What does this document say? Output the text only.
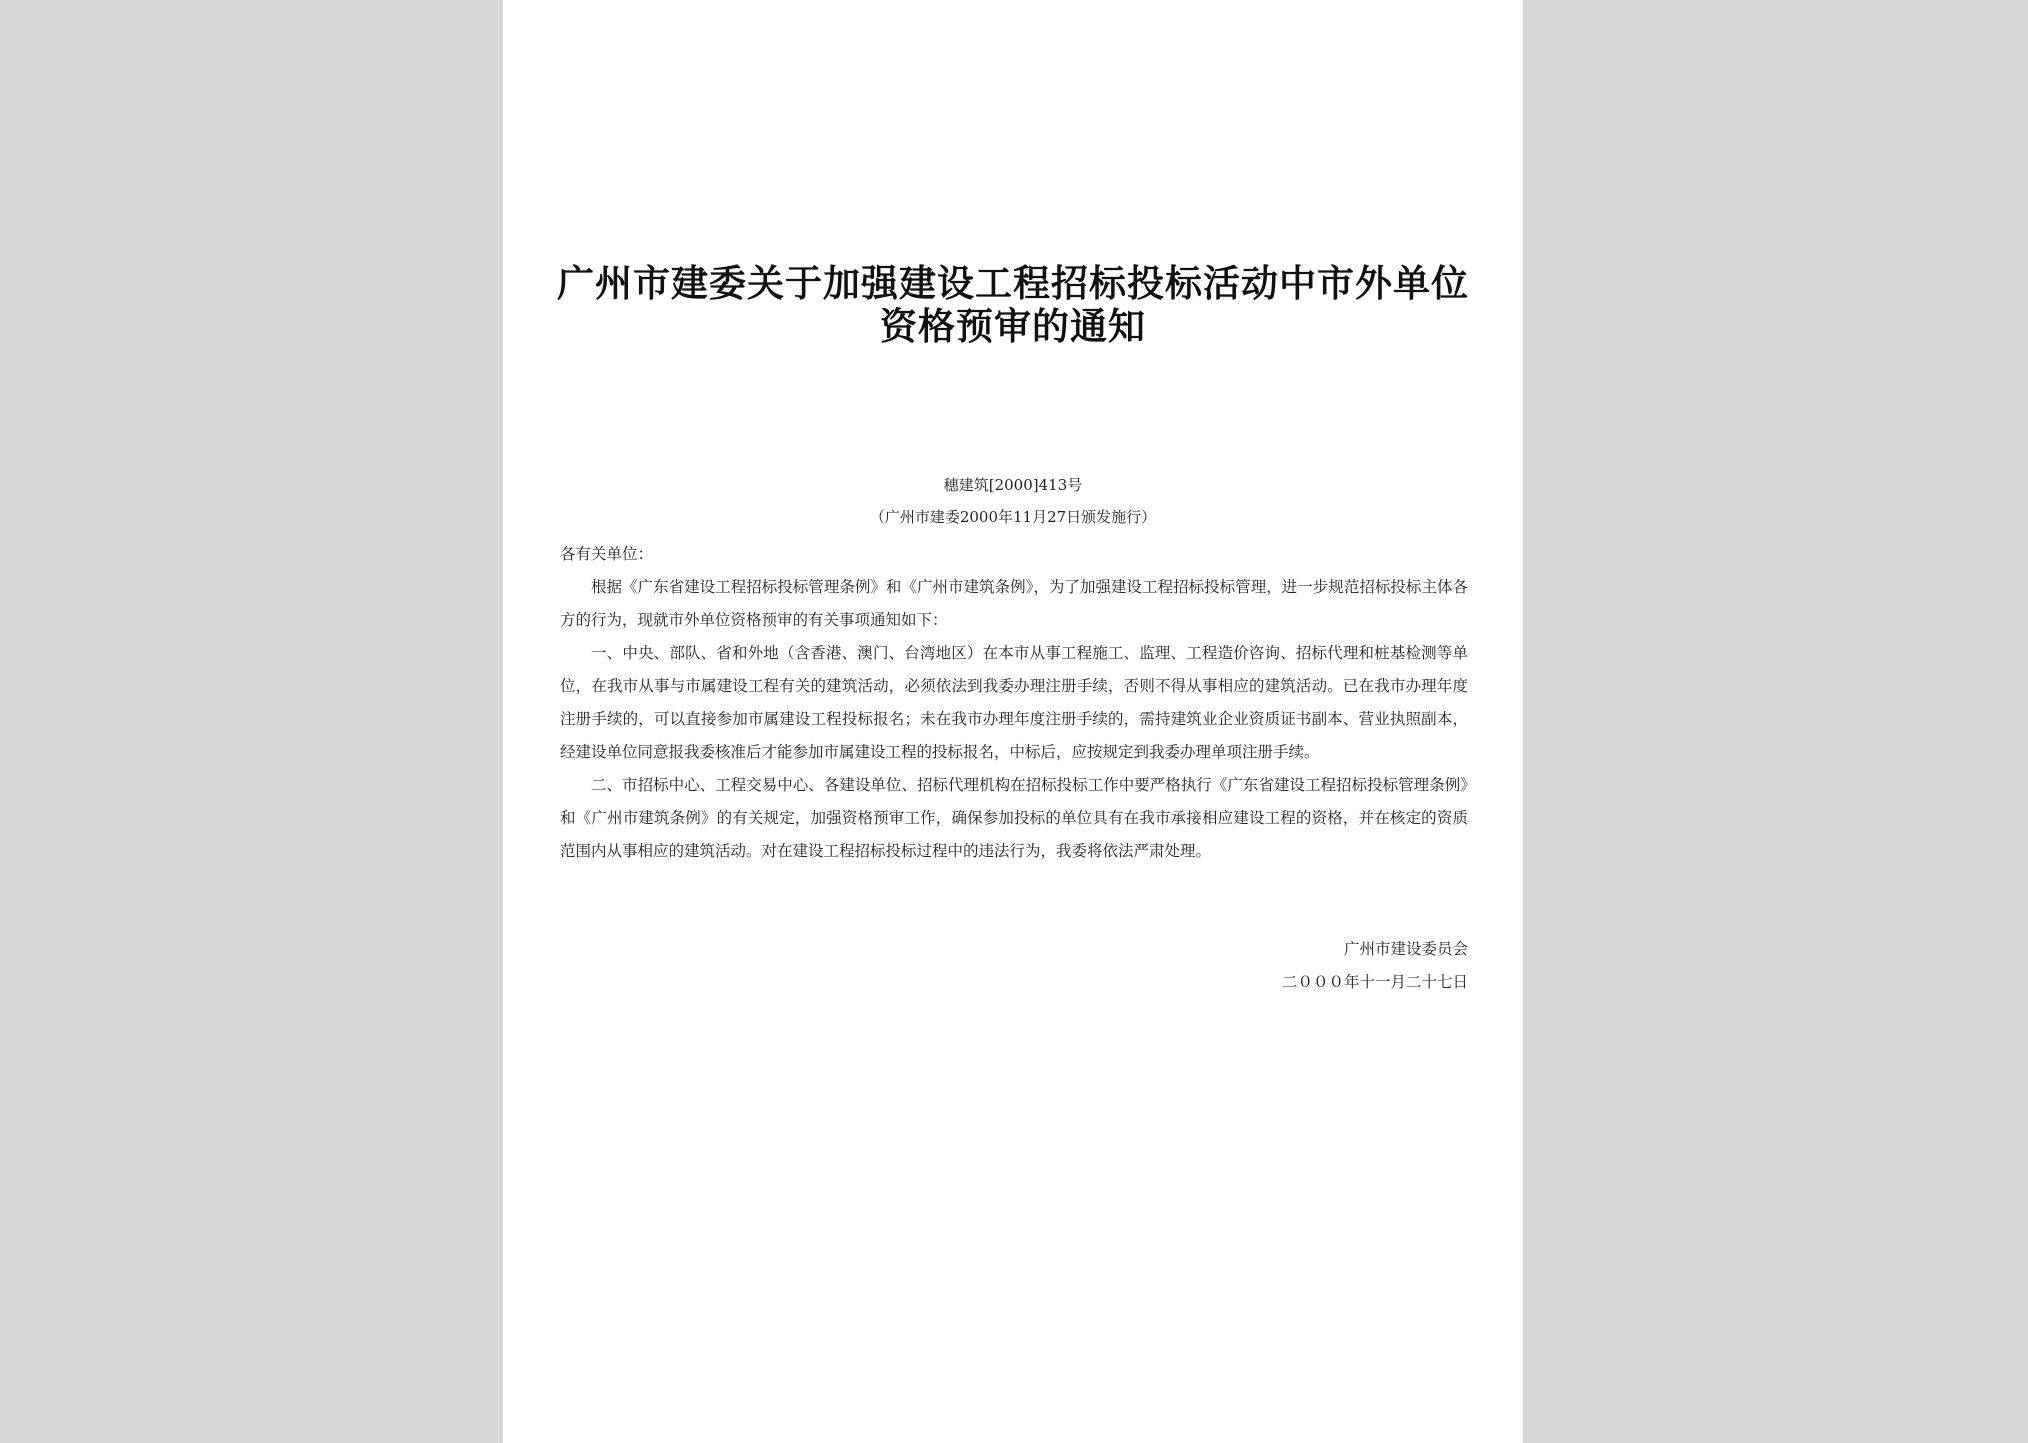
广州市建委关于加强建设工程招标投标活动中市外单位
资格预审的通知
穗建筑[2000]413号
（广州市建委2000年11月27日颁发施行）

各有关单位：

根据《广东省建设工程招标投标管理条例》和《广州市建筑条例》，为了加强建设工程招标投标管理，进一步规范招标投标主体各方的行为，现就市外单位资格预审的有关事项通知如下：

一、中央、部队、省和外地（含香港、澳门、台湾地区）在本市从事工程施工、监理、工程造价咨询、招标代理和桩基检测等单位，在我市从事与市属建设工程有关的建筑活动，必须依法到我委办理注册手续，否则不得从事相应的建筑活动。已在我市办理年度注册手续的，可以直接参加市属建设工程投标报名；未在我市办理年度注册手续的，需持建筑业企业资质证书副本、营业执照副本，经建设单位同意报我委核准后才能参加市属建设工程的投标报名，中标后，应按规定到我委办理单项注册手续。

二、市招标中心、工程交易中心、各建设单位、招标代理机构在招标投标工作中要严格执行《广东省建设工程招标投标管理条例》和《广州市建筑条例》的有关规定，加强资格预审工作，确保参加投标的单位具有在我市承接相应建设工程的资格，并在核定的资质范围内从事相应的建筑活动。对在建设工程招标投标过程中的违法行为，我委将依法严肃处理。

广州市建设委员会
二０００年十一月二十七日
